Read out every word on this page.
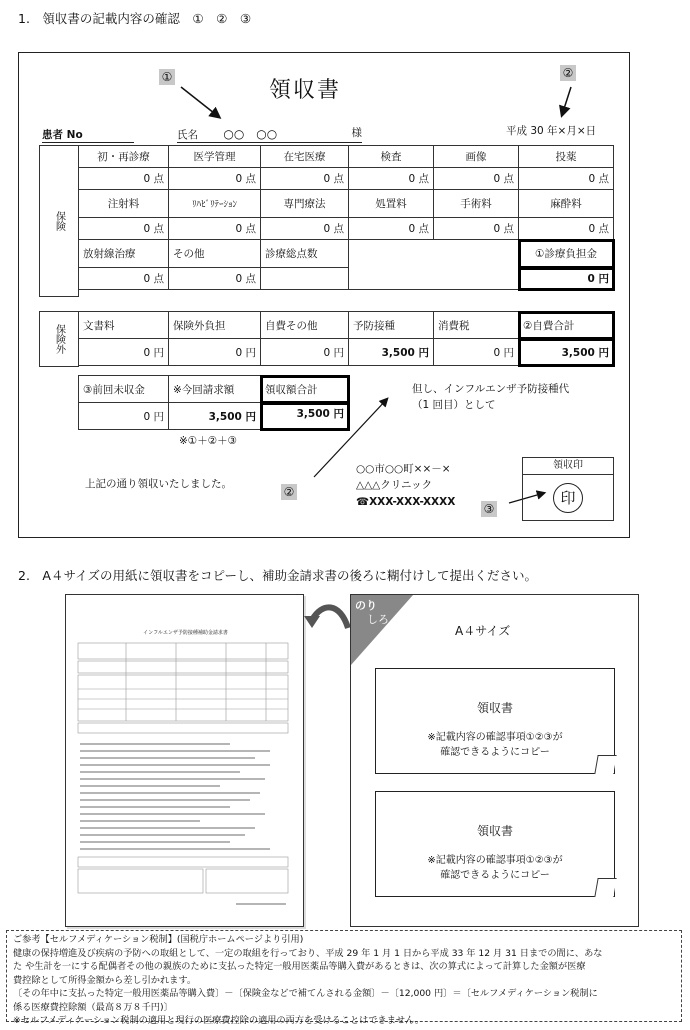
1.　領収書の記載内容の確認　①　②　③
①
領収書
②
患者 No	氏名 ○○　○○	様	平成 30 年×月×日
保険
初・再診療	医学管理	在宅医療	検査	画像	投薬
0 点	0 点	0 点	0 点	0 点	0 点
注射料	ﾘﾊﾋﾞﾘﾃｰｼｮﾝ	専門療法	処置料	手術料	麻酔料
0 点	0 点	0 点	0 点	0 点	0 点
放射線治療	その他	診療総点数			①診療負担金
0 点	0 点				0 円
保険外 文書料	保険外負担	自費その他	予防接種	消費税	②自費合計
0 円	0 円	0 円	3,500 円	0 円	3,500 円
③前回未収金	※今回請求額	領収額合計
0 円	3,500 円	3,500 円
※①＋②＋③
但し、インフルエンザ予防接種代
（1 回目）として
上記の通り領収いたしました。
②
○○市○○町××－×
△△△クリニック
☎XXX-XXX-XXXX ③
領収印
印
2.　A４サイズの用紙に領収書をコピーし、補助金請求書の後ろに糊付けして提出ください。
インフルエンザ予防接種補助金請求書
のり
しろ
A４サイズ
領収書
※記載内容の確認事項①②③が
確認できるようにコピー
領収書
※記載内容の確認事項①②③が
確認できるようにコピー
ご参考【セルフメディケーション税制】(国税庁ホームページより引用)
健康の保持増進及び疾病の予防への取組として、一定の取組を行っており、平成 29 年 1 月 1 日から平成 33 年 12 月 31 日までの間に、あな
た や生計を一にする配偶者その他の親族のために支払った特定一般用医薬品等購入費があるときは、次の算式によって計算した金額が医療
費控除として所得金額から差し引かれます。
〔その年中に支払った特定一般用医薬品等購入費〕－〔保険金などで補てんされる金額〕－〔12,000 円〕＝〔セルフメディケーション税制に
係る医療費控除額（最高８万８千円)〕
※セルフメディケーション税制の適用と現行の医療費控除の適用の両方を受けることはできません。
